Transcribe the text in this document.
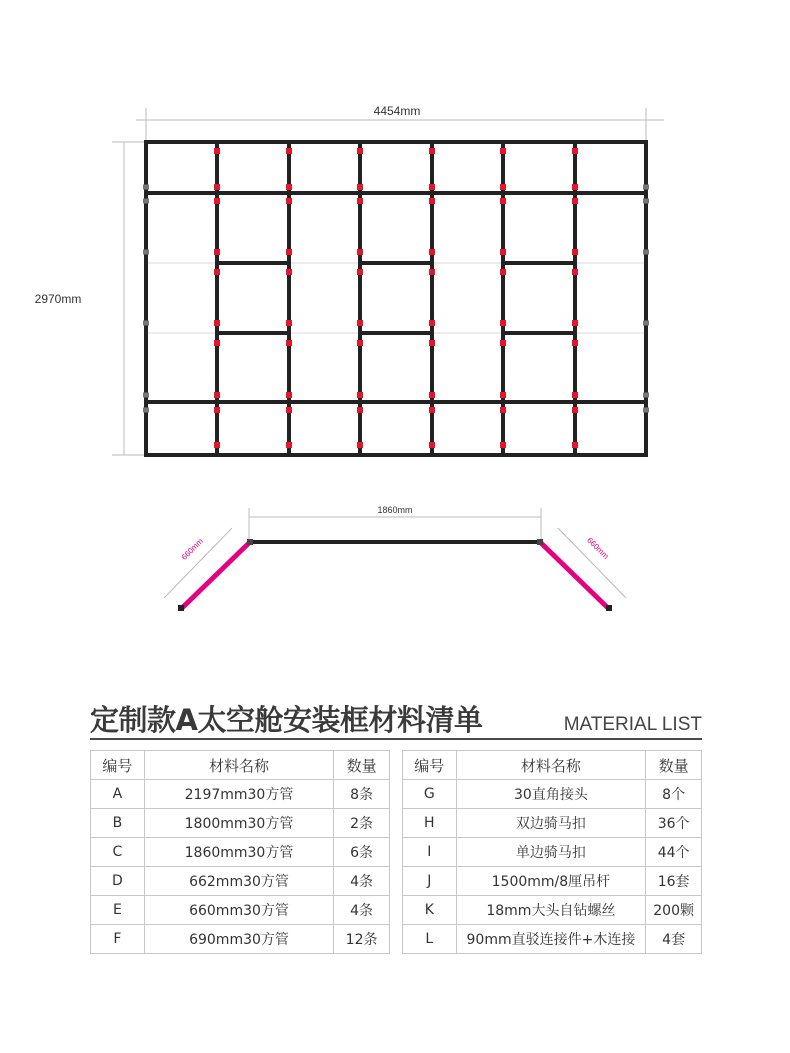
4454mm
2970mm
1860mm
660mm	660mm
定制款A太空舱安装框材料清单	MATERIAL LIST
编号	材料名称	数量
A	2197mm30方管	8条
B	1800mm30方管	2条
C	1860mm30方管	6条
D	662mm30方管	4条
E	660mm30方管	4条
F	690mm30方管	12条
编号	材料名称	数量
G	30直角接头	8个
H	双边骑马扣	36个
I	单边骑马扣	44个
J	1500mm/8厘吊杆	16套
K	18mm大头自钻螺丝	200颗
L	90mm直驳连接件+木连接	4套
